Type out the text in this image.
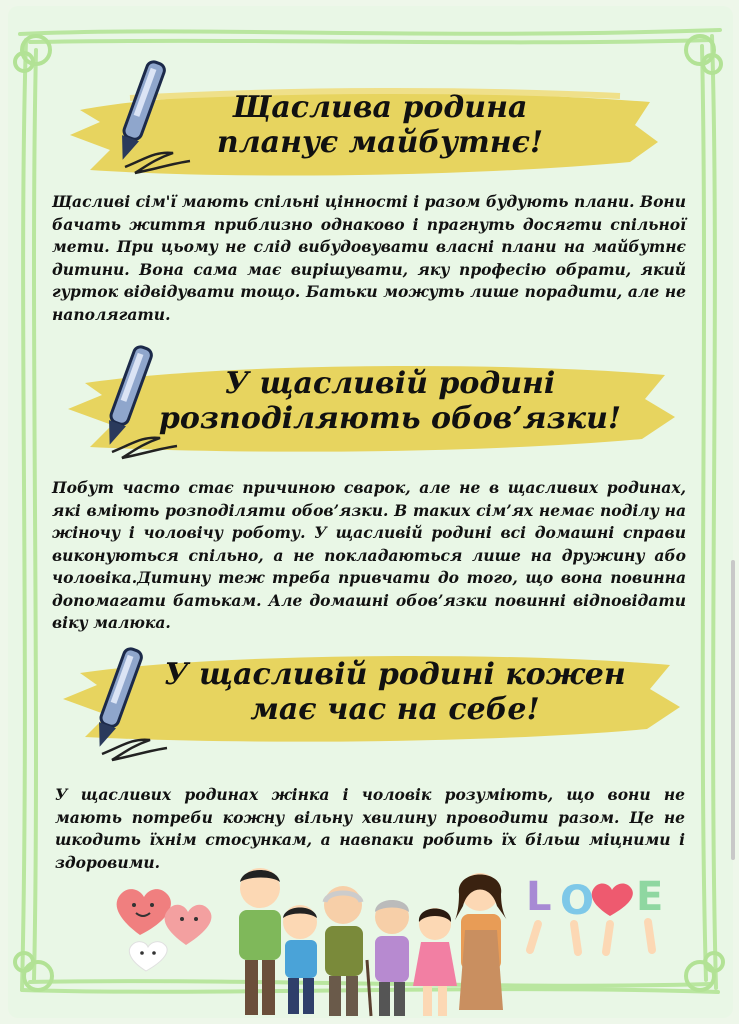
Щаслива родина
планує майбутнє!
Щасливі сім'ї мають спільні цінності і разом будують плани. Вони бачать життя приблизно однаково і прагнуть досягти спільної мети. При цьому не слід вибудовувати власні плани на майбутнє дитини. Вона сама має вирішувати, яку професію обрати, який гурток відвідувати тощо. Батьки можуть лише порадити, але не наполягати.
У щасливій родині
розподіляють обов’язки!
Побут часто стає причиною сварок, але не в щасливих родинах, які вміють розподіляти обов’язки. В таких сім’ях немає поділу на жіночу і чоловічу роботу. У щасливій родині всі домашні справи виконуються спільно, а не покладаються лише на дружину або чоловіка.Дитину теж треба привчати до того, що вона повинна допомагати батькам. Але домашні обов’язки повинні відповідати віку малюка.
У щасливій родині кожен
має час на себе!
У щасливих родинах жінка і чоловік розуміють, що вони не мають потреби кожну вільну хвилину проводити разом. Це не шкодить їхнім стосункам, а навпаки робить їх більш міцними і здоровими.
L O E
